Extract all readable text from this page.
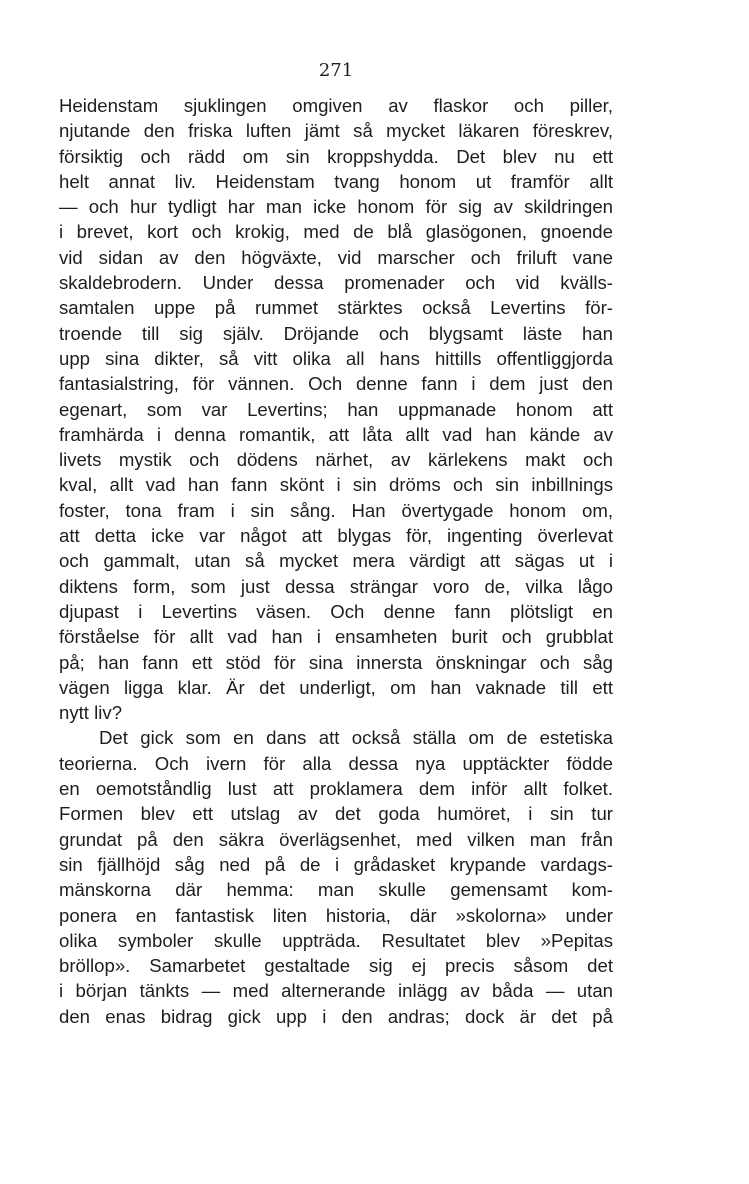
271
Heidenstam sjuklingen omgiven av flaskor och piller,
njutande den friska luften jämt så mycket läkaren föreskrev,
försiktig och rädd om sin kroppshydda. Det blev nu ett
helt annat liv. Heidenstam tvang honom ut framför allt
— och hur tydligt har man icke honom för sig av skildringen
i brevet, kort och krokig, med de blå glasögonen, gnoende
vid sidan av den högväxte, vid marscher och friluft vane
skaldebrodern. Under dessa promenader och vid kvälls-
samtalen uppe på rummet stärktes också Levertins för-
troende till sig själv. Dröjande och blygsamt läste han
upp sina dikter, så vitt olika all hans hittills offentliggjorda
fantasialstring, för vännen. Och denne fann i dem just den
egenart, som var Levertins; han uppmanade honom att
framhärda i denna romantik, att låta allt vad han kände av
livets mystik och dödens närhet, av kärlekens makt och
kval, allt vad han fann skönt i sin dröms och sin inbillnings
foster, tona fram i sin sång. Han övertygade honom om,
att detta icke var något att blygas för, ingenting överlevat
och gammalt, utan så mycket mera värdigt att sägas ut i
diktens form, som just dessa strängar voro de, vilka lågo
djupast i Levertins väsen. Och denne fann plötsligt en
förståelse för allt vad han i ensamheten burit och grubblat
på; han fann ett stöd för sina innersta önskningar och såg
vägen ligga klar. Är det underligt, om han vaknade till ett
nytt liv?
Det gick som en dans att också ställa om de estetiska
teorierna. Och ivern för alla dessa nya upptäckter födde
en oemotståndlig lust att proklamera dem inför allt folket.
Formen blev ett utslag av det goda humöret, i sin tur
grundat på den säkra överlägsenhet, med vilken man från
sin fjällhöjd såg ned på de i grådasket krypande vardags-
mänskorna där hemma: man skulle gemensamt kom-
ponera en fantastisk liten historia, där »skolorna» under
olika symboler skulle uppträda. Resultatet blev »Pepitas
bröllop». Samarbetet gestaltade sig ej precis såsom det
i början tänkts — med alternerande inlägg av båda — utan
den enas bidrag gick upp i den andras; dock är det på
